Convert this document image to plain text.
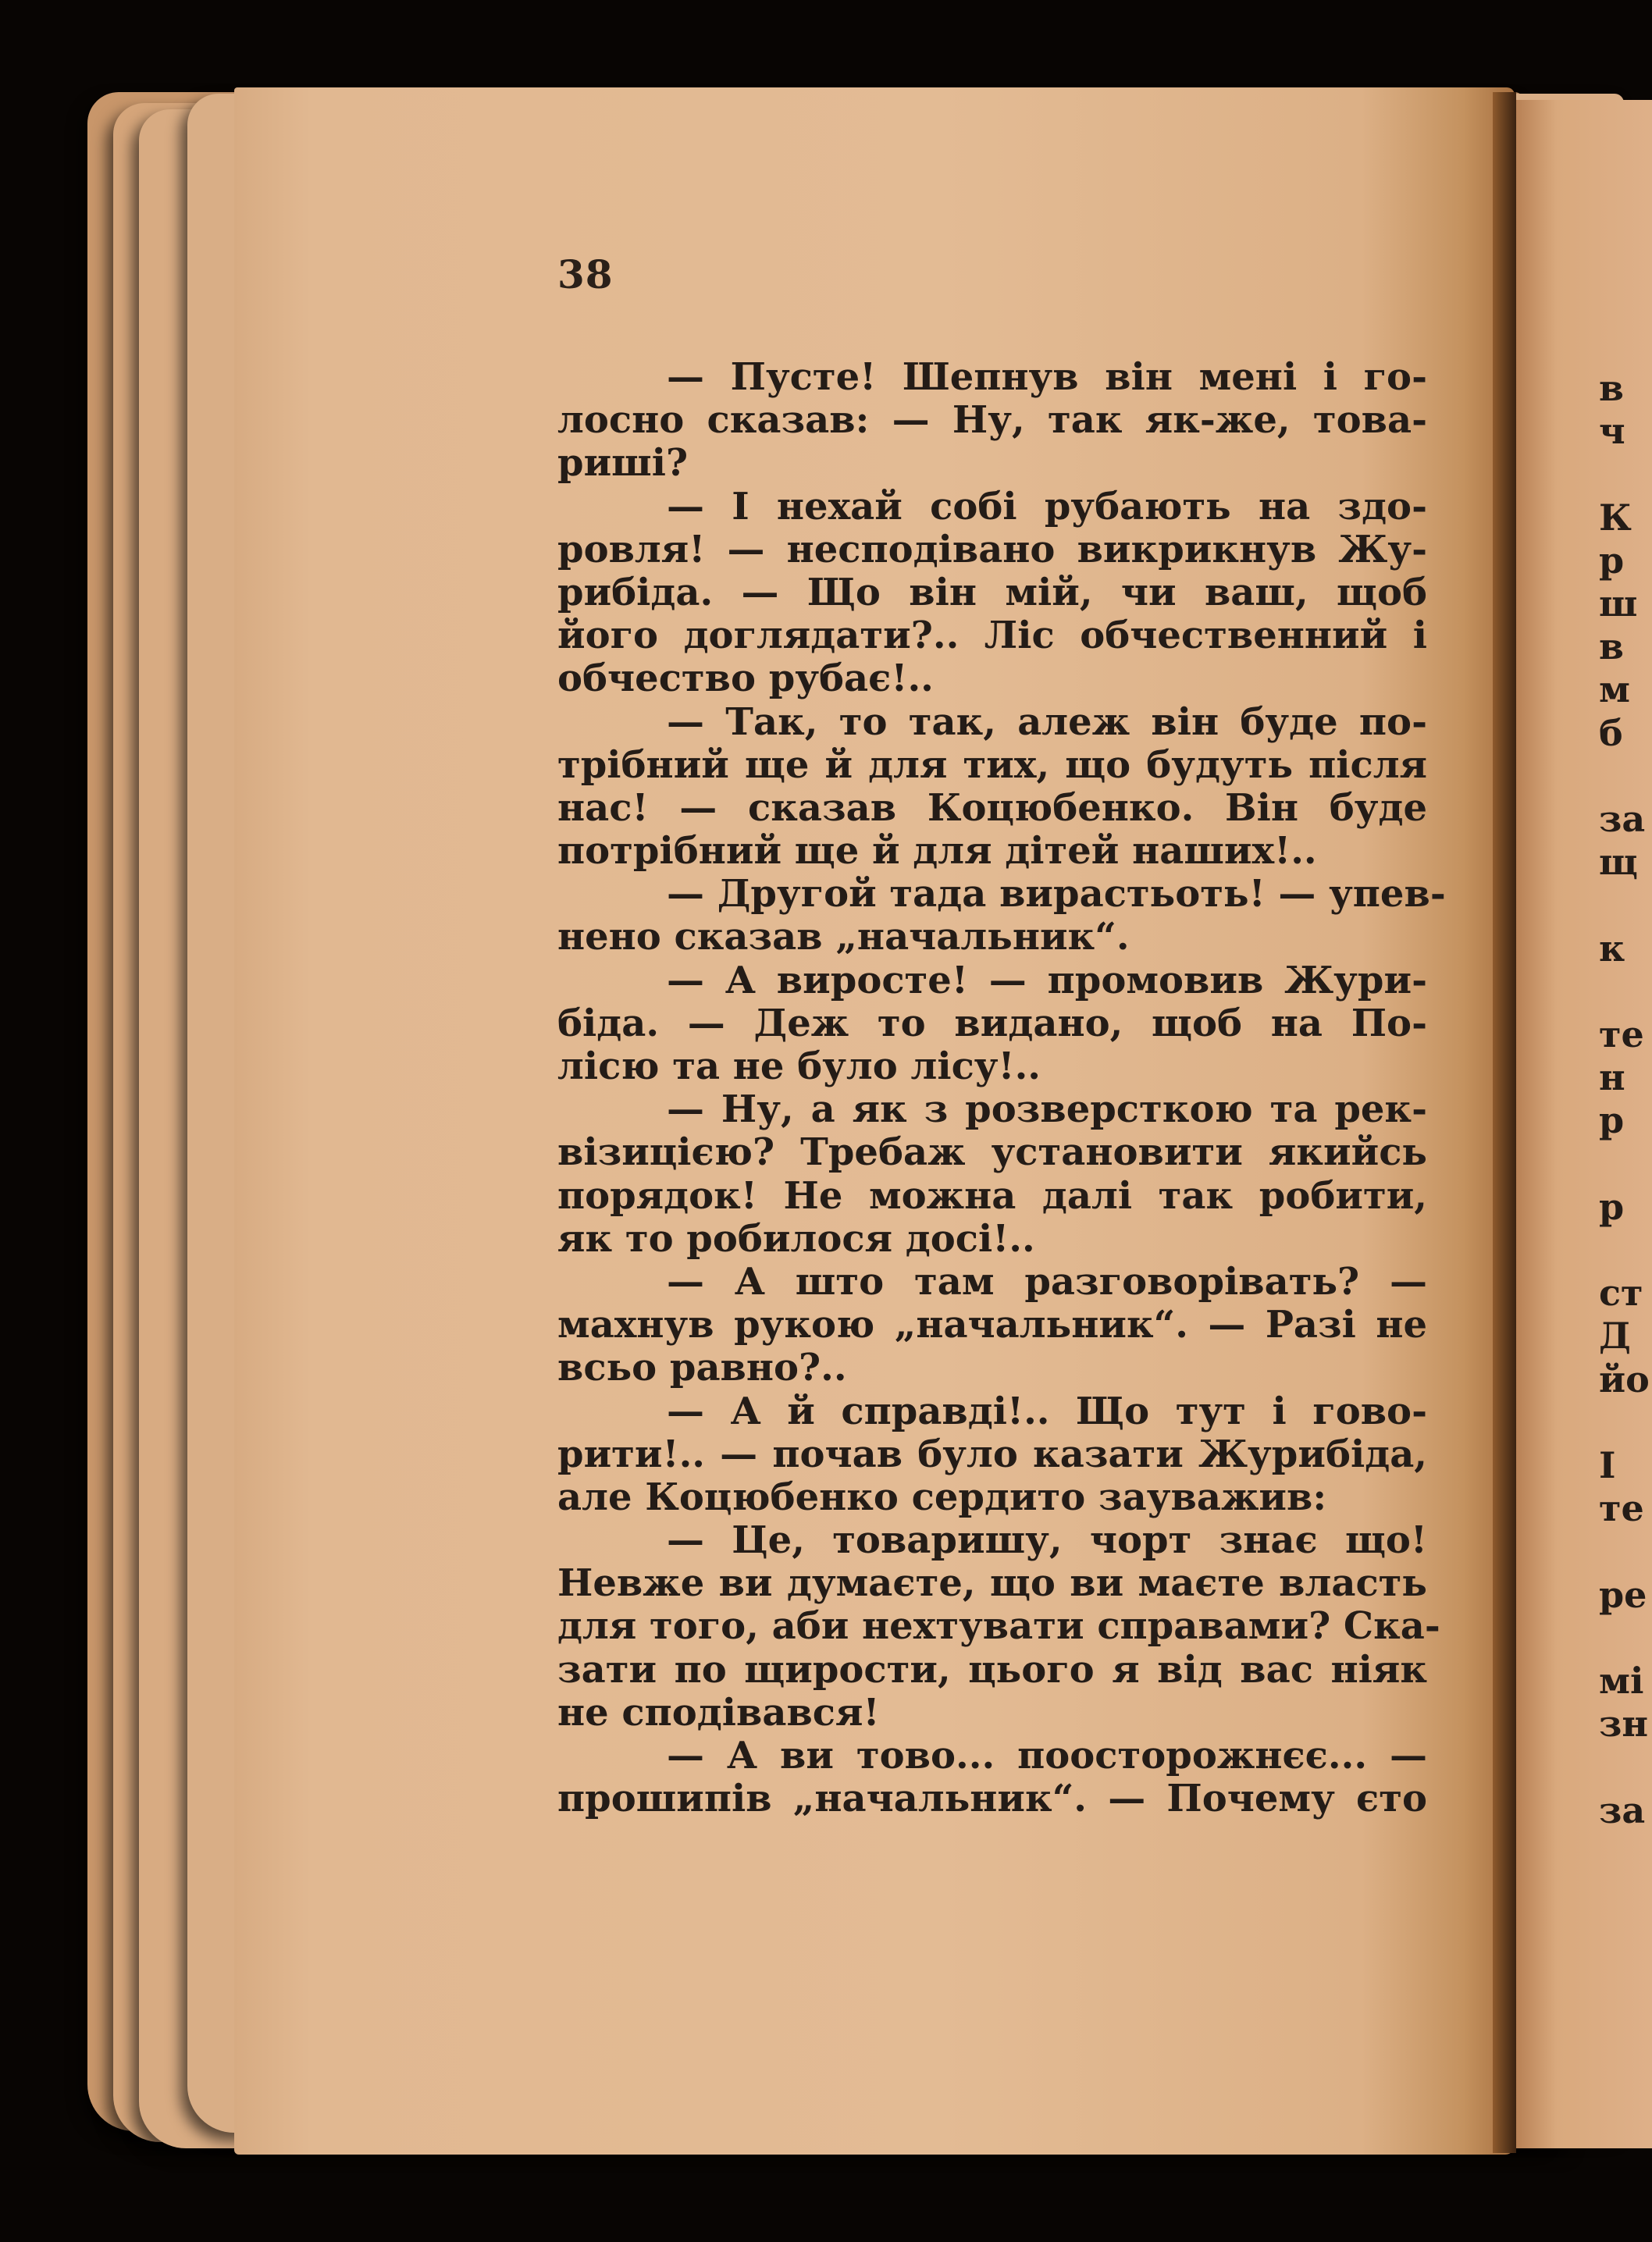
38
— Пусте! Шепнув він мені і го-
лосно сказав: — Ну, так як-же, това-
риші?
— І нехай собі рубають на здо-
ровля! — несподівано викрикнув Жу-
рибіда. — Що він мій, чи ваш, щоб
його доглядати?.. Ліс обчественний і
обчество рубає!..
— Так, то так, алеж він буде по-
трібний ще й для тих, що будуть після
нас! — сказав Коцюбенко. Він буде
потрібний ще й для дітей наших!..
— Другой тада вирастьоть! — упев-
нено сказав „начальник“.
— А виросте! — промовив Жури-
біда. — Деж то видано, щоб на По-
лісю та не було лісу!..
— Ну, а як з розверсткою та рек-
візицією? Требаж установити якийсь
порядок! Не можна далі так робити,
як то робилося досі!..
— А што там разговорівать? —
махнув рукою „начальник“. — Разі не
всьо равно?..
— А й справді!.. Що тут і гово-
рити!.. — почав було казати Журибіда,
але Коцюбенко сердито зауважив:
— Це, товаришу, чорт знає що!
Невже ви думаєте, що ви маєте власть
для того, аби нехтувати справами? Ска-
зати по щирости, цього я від вас ніяк
не сподівався!
— А ви тово... поосторожнєє... —
прошипів „начальник“. — Почему єто
в
ч
К
р
ш
в
м
б
за
щ
к
те
н
р
р
ст
Д
йо
І
те
ре
мі
зн
за
